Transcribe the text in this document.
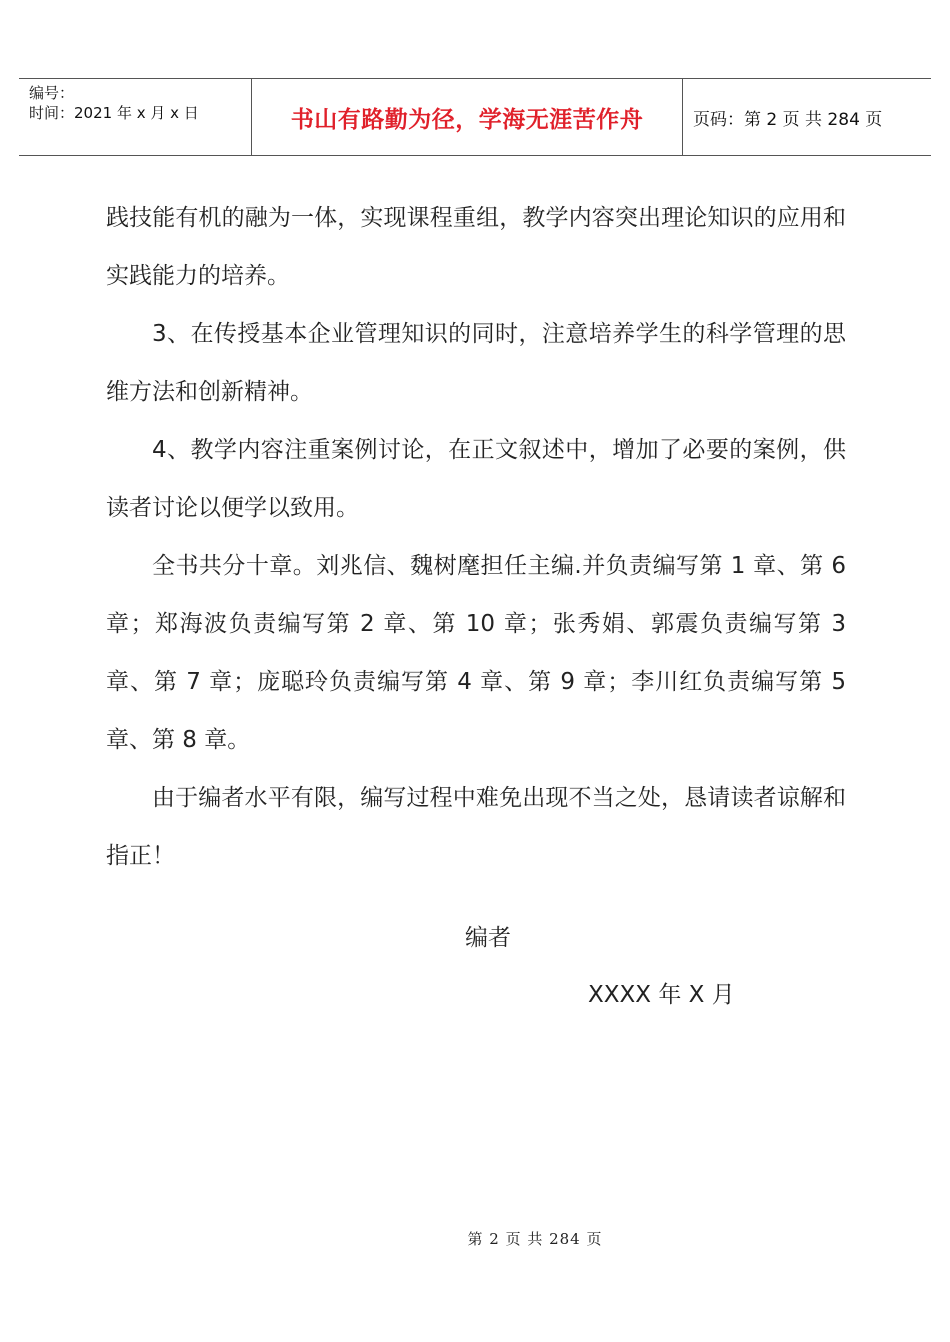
编号：
时间：2021 年 x 月 x 日	书山有路勤为径，学海无涯苦作舟	页码：第 2 页 共 284 页

践技能有机的融为一体，实现课程重组，教学内容突出理论知识的应用和实践能力的培养。

3、在传授基本企业管理知识的同时，注意培养学生的科学管理的思维方法和创新精神。

4、教学内容注重案例讨论，在正文叙述中，增加了必要的案例，供读者讨论以便学以致用。

全书共分十章。刘兆信、魏树麾担任主编.并负责编写第 1 章、第 6 章；郑海波负责编写第 2 章、第 10 章；张秀娟、郭震负责编写第 3 章、第 7 章；庞聪玲负责编写第 4 章、第 9 章；李川红负责编写第 5 章、第 8 章。

由于编者水平有限，编写过程中难免出现不当之处，恳请读者谅解和指正！

编者
XXXX 年 X 月
第 2 页 共 284 页
